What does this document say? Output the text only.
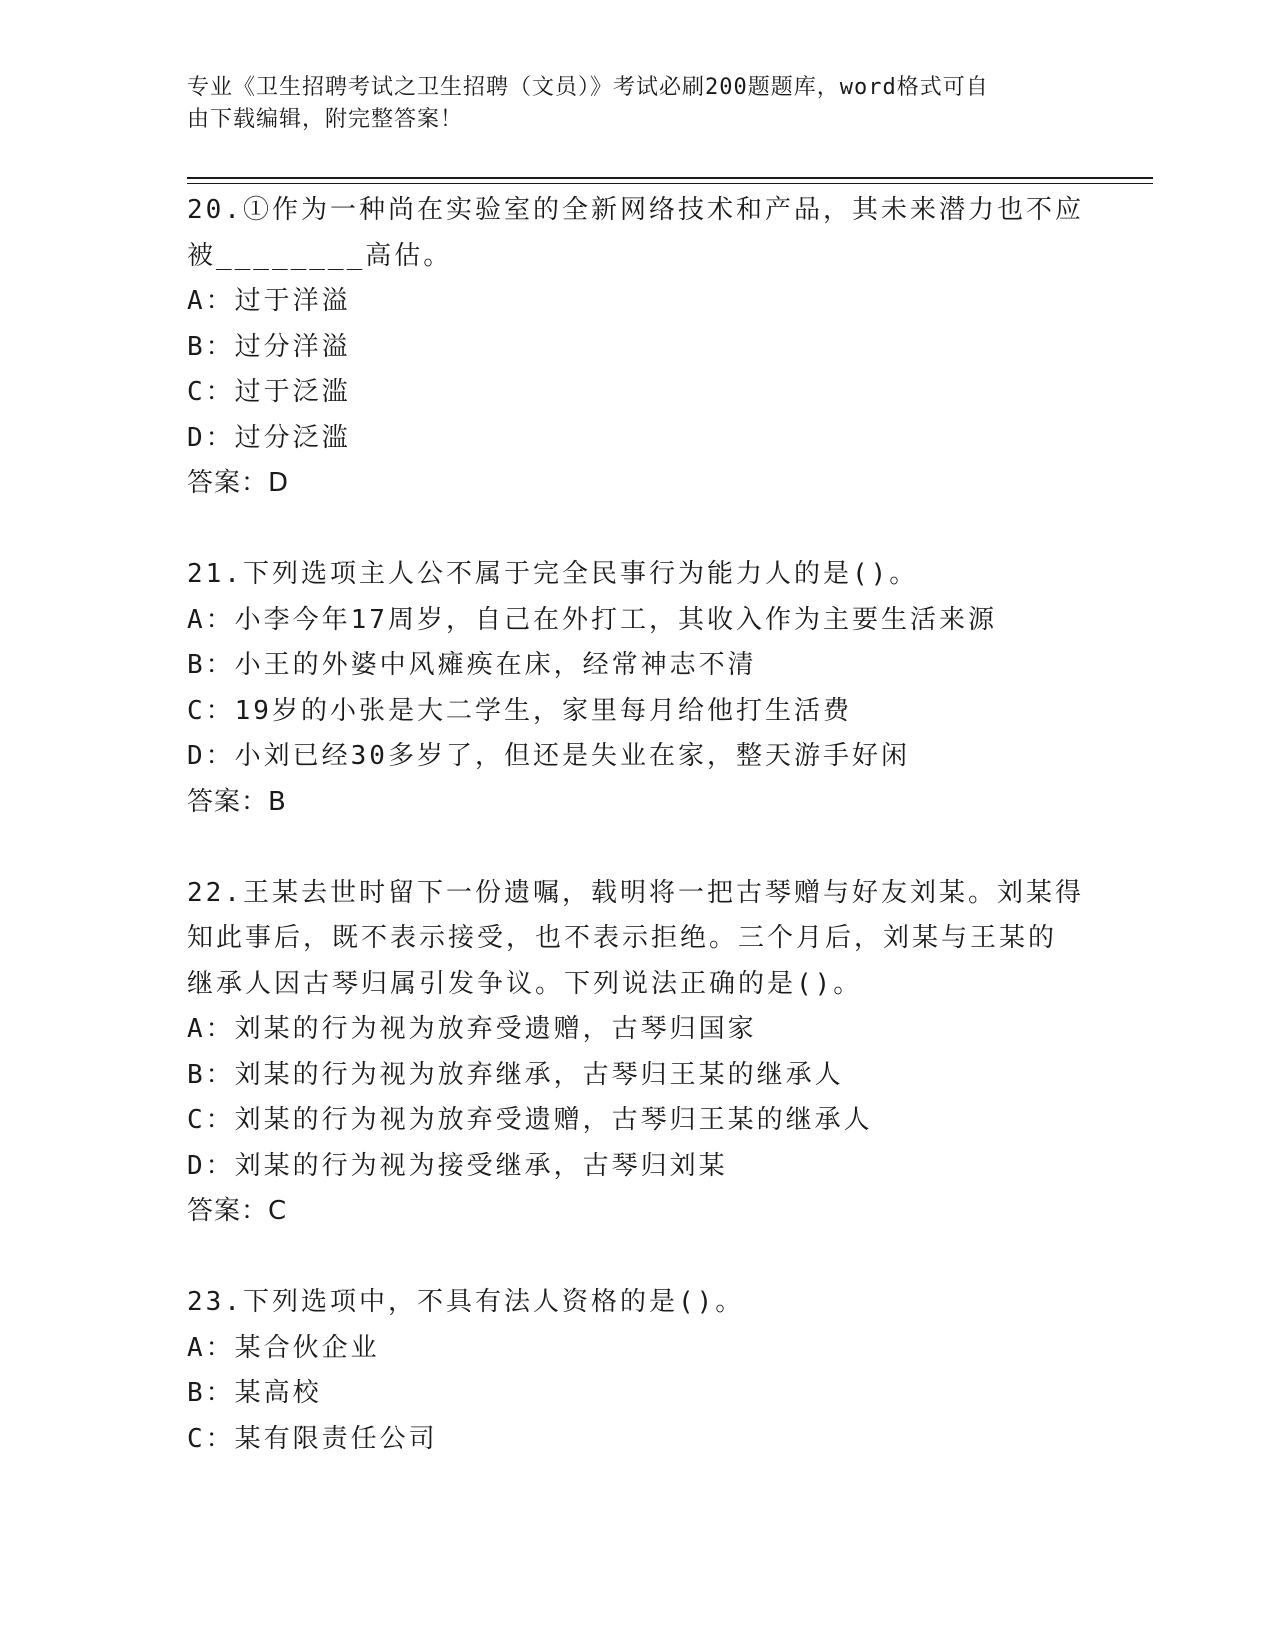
专业《卫生招聘考试之卫生招聘（文员）》考试必刷200题题库，word格式可自
由下载编辑，附完整答案！
20.①作为一种尚在实验室的全新网络技术和产品，其未来潜力也不应
被________高估。
A：过于洋溢
B：过分洋溢
C：过于泛滥
D：过分泛滥
答案：D
21.下列选项主人公不属于完全民事行为能力人的是()。
A：小李今年17周岁，自己在外打工，其收入作为主要生活来源
B：小王的外婆中风瘫痪在床，经常神志不清
C：19岁的小张是大二学生，家里每月给他打生活费
D：小刘已经30多岁了，但还是失业在家，整天游手好闲
答案：B
22.王某去世时留下一份遗嘱，载明将一把古琴赠与好友刘某。刘某得
知此事后，既不表示接受，也不表示拒绝。三个月后，刘某与王某的
继承人因古琴归属引发争议。下列说法正确的是()。
A：刘某的行为视为放弃受遗赠，古琴归国家
B：刘某的行为视为放弃继承，古琴归王某的继承人
C：刘某的行为视为放弃受遗赠，古琴归王某的继承人
D：刘某的行为视为接受继承，古琴归刘某
答案：C
23.下列选项中，不具有法人资格的是()。
A：某合伙企业
B：某高校
C：某有限责任公司
